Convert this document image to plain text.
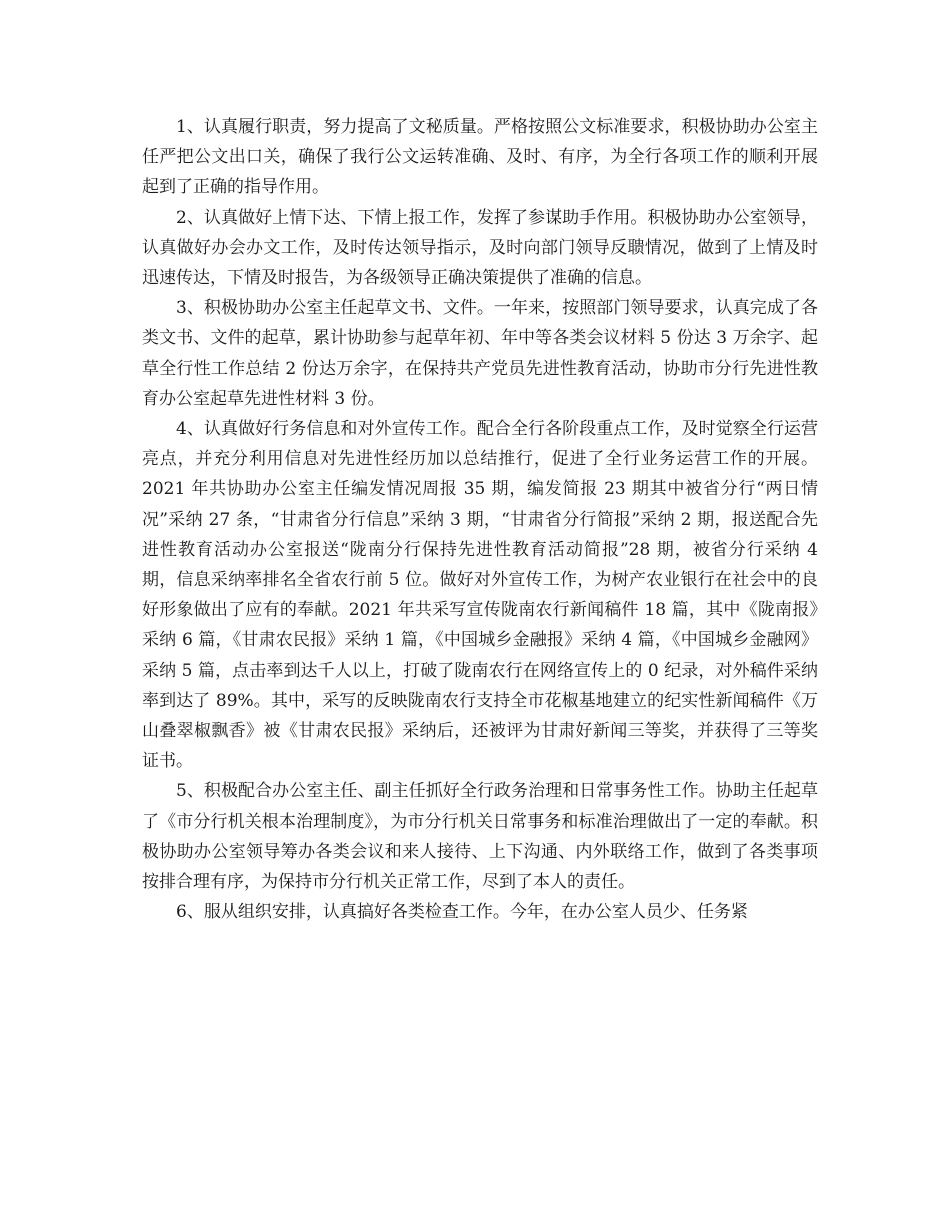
1、认真履行职责，努力提高了文秘质量。严格按照公文标准要求，积极协助办公室主任严把公文出口关，确保了我行公文运转准确、及时、有序，为全行各项工作的顺利开展起到了正确的指导作用。

2、认真做好上情下达、下情上报工作，发挥了参谋助手作用。积极协助办公室领导，认真做好办会办文工作，及时传达领导指示，及时向部门领导反聩情况，做到了上情及时迅速传达，下情及时报告，为各级领导正确决策提供了准确的信息。

3、积极协助办公室主任起草文书、文件。一年来，按照部门领导要求，认真完成了各类文书、文件的起草，累计协助参与起草年初、年中等各类会议材料 5 份达 3 万余字、起草全行性工作总结 2 份达万余字，在保持共产党员先进性教育活动，协助市分行先进性教育办公室起草先进性材料 3 份。

4、认真做好行务信息和对外宣传工作。配合全行各阶段重点工作，及时觉察全行运营亮点，并充分利用信息对先进性经历加以总结推行，促进了全行业务运营工作的开展。2021 年共协助办公室主任编发情况周报 35 期，编发简报 23 期其中被省分行“两日情况”采纳 27 条，“甘肃省分行信息”采纳 3 期，“甘肃省分行简报”采纳 2 期，报送配合先进性教育活动办公室报送“陇南分行保持先进性教育活动简报”28 期，被省分行采纳 4 期，信息采纳率排名全省农行前 5 位。做好对外宣传工作，为树产农业银行在社会中的良好形象做出了应有的奉献。2021 年共采写宣传陇南农行新闻稿件 18 篇，其中《陇南报》采纳 6 篇，《甘肃农民报》采纳 1 篇，《中国城乡金融报》采纳 4 篇，《中国城乡金融网》采纳 5 篇，点击率到达千人以上，打破了陇南农行在网络宣传上的 0 纪录，对外稿件采纳率到达了 89%。其中，采写的反映陇南农行支持全市花椒基地建立的纪实性新闻稿件《万山叠翠椒飘香》被《甘肃农民报》采纳后，还被评为甘肃好新闻三等奖，并获得了三等奖证书。

5、积极配合办公室主任、副主任抓好全行政务治理和日常事务性工作。协助主任起草了《市分行机关根本治理制度》，为市分行机关日常事务和标准治理做出了一定的奉献。积极协助办公室领导筹办各类会议和来人接待、上下沟通、内外联络工作，做到了各类事项按排合理有序，为保持市分行机关正常工作，尽到了本人的责任。

6、服从组织安排，认真搞好各类检查工作。今年，在办公室人员少、任务紧
